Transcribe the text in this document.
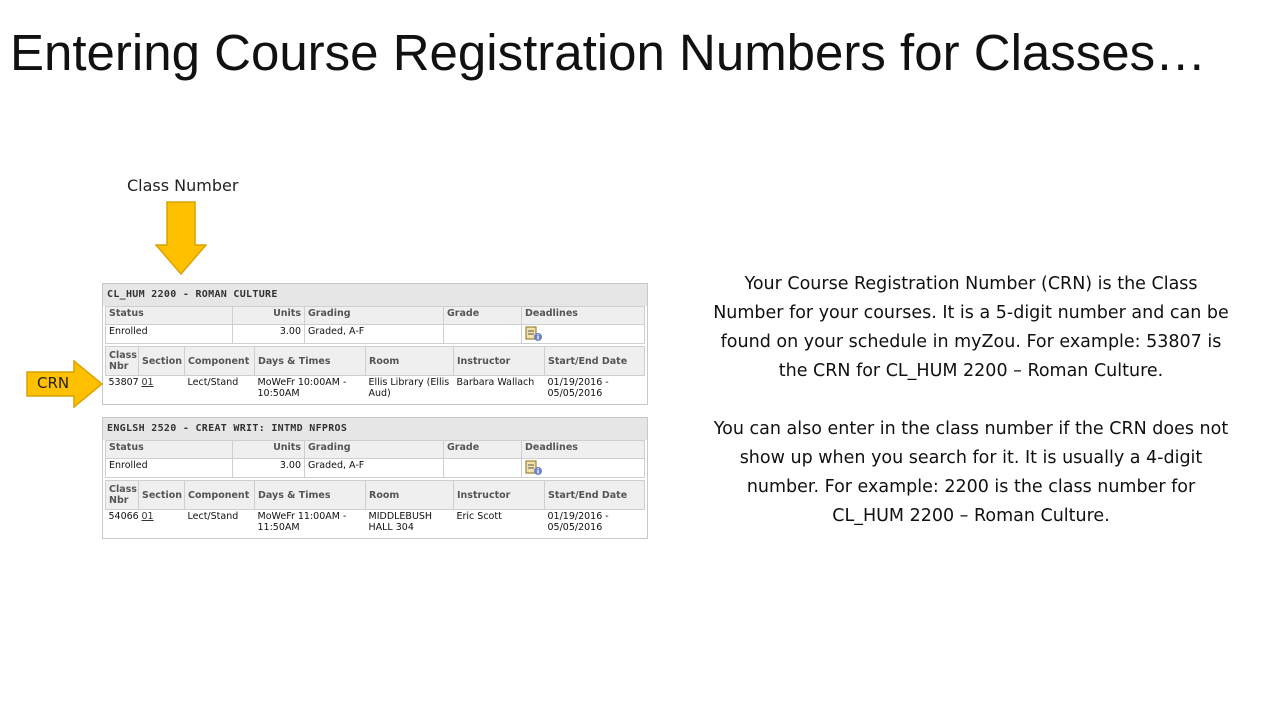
Entering Course Registration Numbers for Classes…
Class Number
CRN
CL_HUM 2200 - ROMAN CULTURE
Status	Units	Grading	Grade	Deadlines
Enrolled	3.00	Graded, A-F		
Class Nbr	Section	Component	Days & Times	Room	Instructor	Start/End Date
53807	01	Lect/Stand	MoWeFr 10:00AM - 10:50AM	Ellis Library (Ellis Aud)	Barbara Wallach	01/19/2016 - 05/05/2016
ENGLSH 2520 - CREAT WRIT: INTMD NFPROS
Status	Units	Grading	Grade	Deadlines
Enrolled	3.00	Graded, A-F		
Class Nbr	Section	Component	Days & Times	Room	Instructor	Start/End Date
54066	01	Lect/Stand	MoWeFr 11:00AM - 11:50AM	MIDDLEBUSH HALL 304	Eric Scott	01/19/2016 - 05/05/2016

Your Course Registration Number (CRN) is the Class Number for your courses. It is a 5-digit number and can be found on your schedule in myZou. For example: 53807 is the CRN for CL_HUM 2200 – Roman Culture.

You can also enter in the class number if the CRN does not show up when you search for it. It is usually a 4-digit number. For example: 2200 is the class number for CL_HUM 2200 – Roman Culture.
